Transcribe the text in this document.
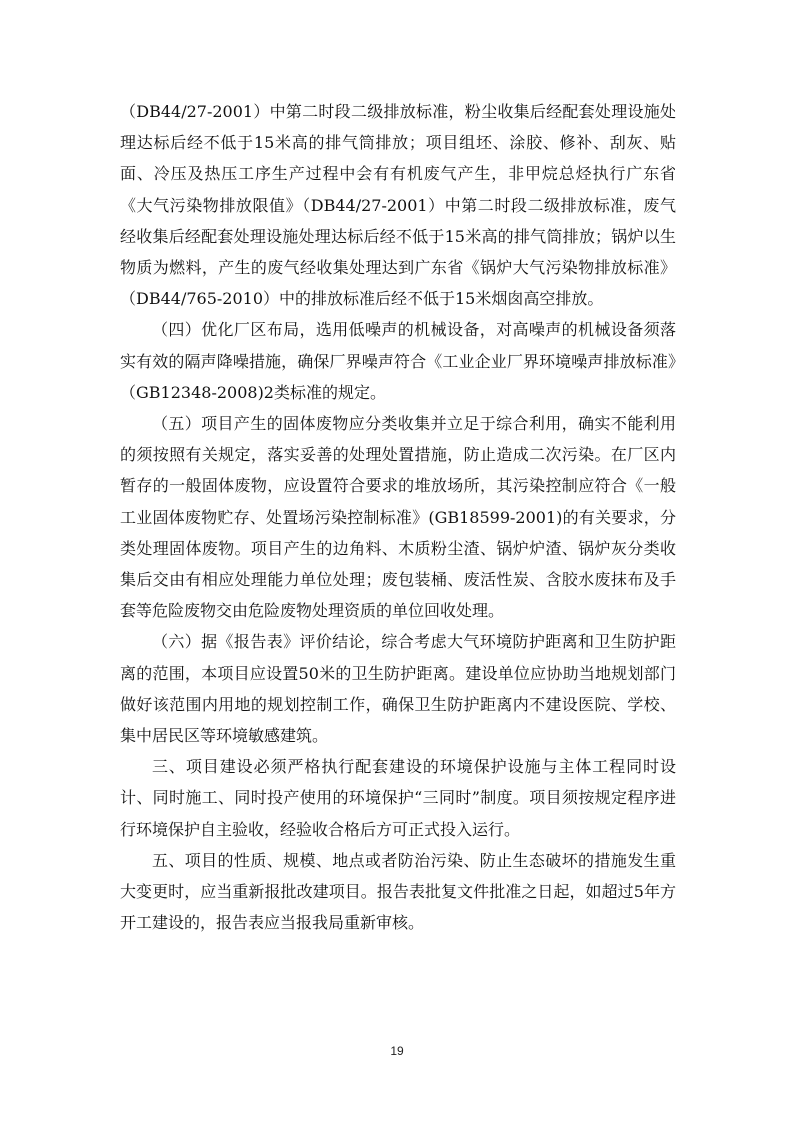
（DB44/27-2001）中第二时段二级排放标准，粉尘收集后经配套处理设施处理达标后经不低于15米高的排气筒排放；项目组坯、涂胶、修补、刮灰、贴面、冷压及热压工序生产过程中会有有机废气产生，非甲烷总烃执行广东省《大气污染物排放限值》（DB44/27-2001）中第二时段二级排放标准，废气经收集后经配套处理设施处理达标后经不低于15米高的排气筒排放；锅炉以生物质为燃料，产生的废气经收集处理达到广东省《锅炉大气污染物排放标准》（DB44/765-2010）中的排放标准后经不低于15米烟囱高空排放。

（四）优化厂区布局，选用低噪声的机械设备，对高噪声的机械设备须落实有效的隔声降噪措施，确保厂界噪声符合《工业企业厂界环境噪声排放标准》（GB12348-2008)2类标准的规定。

（五）项目产生的固体废物应分类收集并立足于综合利用，确实不能利用的须按照有关规定，落实妥善的处理处置措施，防止造成二次污染。在厂区内暂存的一般固体废物，应设置符合要求的堆放场所，其污染控制应符合《一般工业固体废物贮存、处置场污染控制标准》(GB18599-2001)的有关要求，分类处理固体废物。项目产生的边角料、木质粉尘渣、锅炉炉渣、锅炉灰分类收集后交由有相应处理能力单位处理；废包装桶、废活性炭、含胶水废抹布及手套等危险废物交由危险废物处理资质的单位回收处理。

（六）据《报告表》评价结论，综合考虑大气环境防护距离和卫生防护距离的范围，本项目应设置50米的卫生防护距离。建设单位应协助当地规划部门做好该范围内用地的规划控制工作，确保卫生防护距离内不建设医院、学校、集中居民区等环境敏感建筑。

三、项目建设必须严格执行配套建设的环境保护设施与主体工程同时设计、同时施工、同时投产使用的环境保护“三同时”制度。项目须按规定程序进行环境保护自主验收，经验收合格后方可正式投入运行。

五、项目的性质、规模、地点或者防治污染、防止生态破坏的措施发生重大变更时，应当重新报批改建项目。报告表批复文件批准之日起，如超过5年方开工建设的，报告表应当报我局重新审核。

19
